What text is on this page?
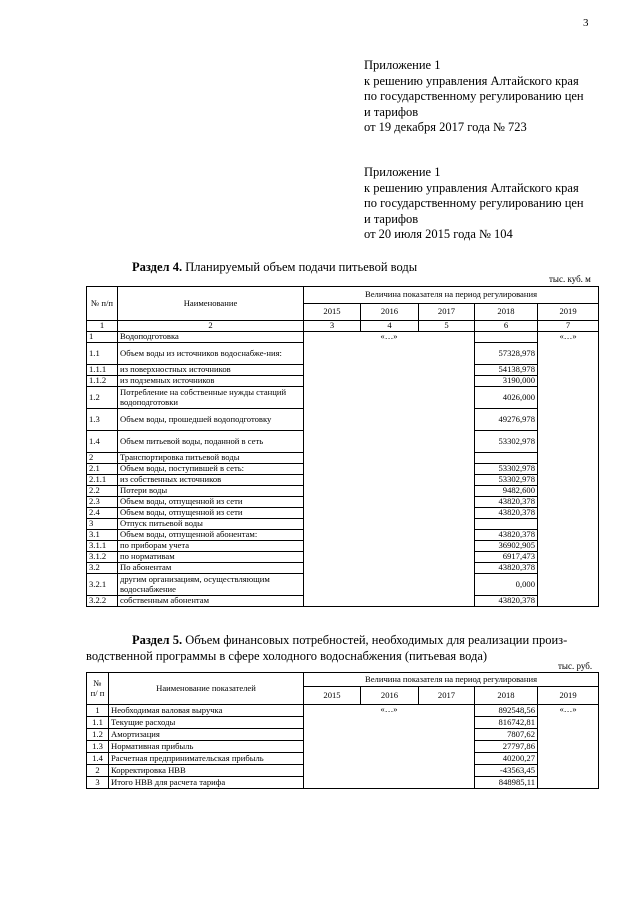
3
Приложение 1
к решению управления Алтайского края
по государственному регулированию цен
и тарифов
от 19 декабря 2017 года № 723
Приложение 1
к решению управления Алтайского края
по государственному регулированию цен
и тарифов
от 20 июля 2015 года № 104
Раздел 4. Планируемый объем подачи питьевой воды
тыс. куб. м
№ п/п	Наименование	Величина показателя на период регулирования				
		2015	2016	2017	2018	2019
1	2	3	4	5	6	7
1	Водоподготовка	«…»				«…»
1.1	Объем воды из источников водоснабже-ния:				57328,978	
1.1.1	из поверхностных источников				54138,978	
1.1.2	из подземных источников				3190,000	
1.2	Потребление на собственные нужды станций водоподготовки				4026,000	
1.3	Объем воды, прошедшей водоподготовку				49276,978	
1.4	Объем питьевой воды, поданной в сеть				53302,978	
2	Транспортировка питьевой воды					
2.1	Объем воды, поступившей в сеть:				53302,978	
2.1.1	из собственных источников				53302,978	
2.2	Потери воды				9482,600	
2.3	Объем воды, отпущенной из сети				43820,378	
2.4	Объем воды, отпущенной из сети				43820,378	
3	Отпуск питьевой воды					
3.1	Объем воды, отпущенной абонентам:				43820,378	
3.1.1	по приборам учета				36902,905	
3.1.2	по нормативам				6917,473	
3.2	По абонентам				43820,378	
3.2.1	другим организациям, осуществляющим водоснабжение				0,000	
3.2.2	собственным абонентам				43820,378	
Раздел 5. Объем финансовых потребностей, необходимых для реализации произ-
водственной программы в сфере холодного водоснабжения (питьевая вода)
тыс. руб.
№ п/ п	Наименование показателей	Величина показателя на период регулирования				
		2015	2016	2017	2018	2019
1	Необходимая валовая выручка	«…»			892548,56	«…»
1.1	Текущие расходы				816742,81	
1.2	Амортизация				7807,62	
1.3	Нормативная прибыль				27797,86	
1.4	Расчетная предпринимательская прибыль				40200,27	
2	Корректировка НВВ				-43563,45	
3	Итого НВВ для расчета тарифа				848985,11	
